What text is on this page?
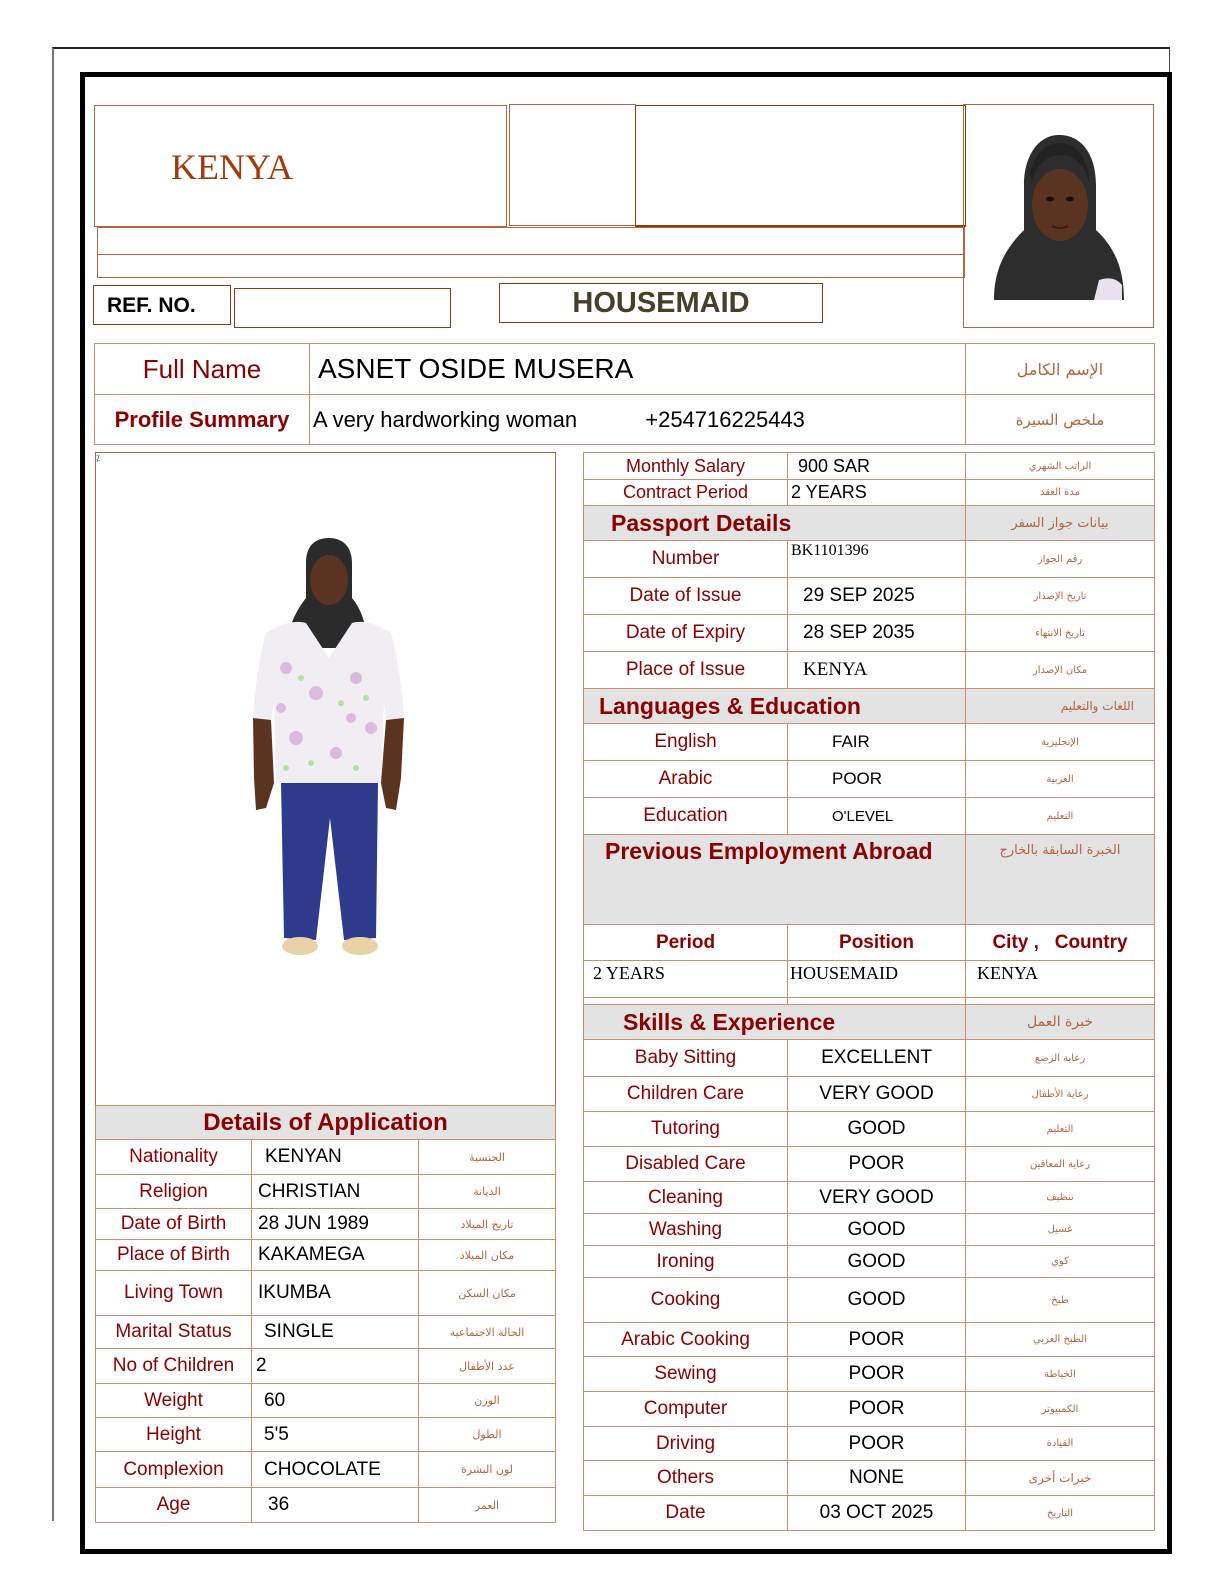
KENYA
REF. NO.	HOUSEMAID
Full Name	ASNET OSIDE MUSERA	الإسم الكامل
Profile Summary	A very hardworking woman +254716225443	ملخص السيرة
⁒
Details of Application		
Nationality	KENYAN	الجنسية
Religion	CHRISTIAN	الديانة
Date of Birth	28 JUN 1989	تاريخ الميلاد
Place of Birth	KAKAMEGA	مكان الميلاد
Living Town	IKUMBA	مكان السكن
Marital Status	SINGLE	الحالة الاجتماعية
No of Children	2	عدد الأطفال
Weight	60	الوزن
Height	5'5	الطول
Complexion	CHOCOLATE	لون البشرة
Age	36	العمر
Monthly Salary	900 SAR	الراتب الشهري
Contract Period	2 YEARS	مدة العقد
Passport Details		بيانات جواز السفر
Number	BK1101396	رقم الجواز
Date of Issue	29 SEP 2025	تاريخ الإصدار
Date of Expiry	28 SEP 2035	تاريخ الانتهاء
Place of Issue	KENYA	مكان الإصدار
Languages & Education		اللغات والتعليم
English	FAIR	الإنجليزية
Arabic	POOR	العربية
Education	O'LEVEL	التعليم
Previous Employment Abroad		الخبرة السابقة بالخارج
Period	Position	City ,   Country
2 YEARS	HOUSEMAID	KENYA

Skills & Experience		خبرة العمل
Baby Sitting	EXCELLENT	رعاية الرضع
Children Care	VERY GOOD	رعاية الأطفال
Tutoring	GOOD	التعليم
Disabled Care	POOR	رعاية المعاقين
Cleaning	VERY GOOD	تنظيف
Washing	GOOD	غسيل
Ironing	GOOD	كوي
Cooking	GOOD	طبخ
Arabic Cooking	POOR	الطبخ العربي
Sewing	POOR	الخياطة
Computer	POOR	الكمبيوتر
Driving	POOR	القيادة
Others	NONE	خبرات أخرى
Date	03 OCT 2025	التاريخ
